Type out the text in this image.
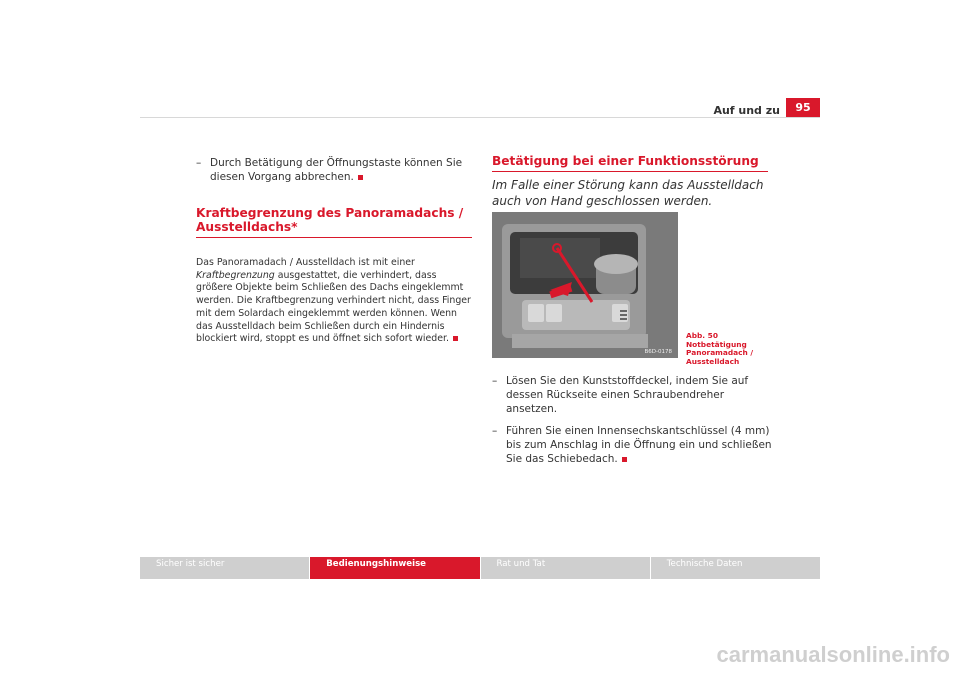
Auf und zu	95
– Durch Betätigung der Öffnungstaste können Sie diesen Vorgang abbrechen.
Kraftbegrenzung des Panoramadachs / Ausstelldachs*
Das Panoramadach / Ausstelldach ist mit einer Kraftbegrenzung ausgestattet, die verhindert, dass größere Objekte beim Schließen des Dachs eingeklemmt werden. Die Kraftbegrenzung verhindert nicht, dass Finger mit dem Solardach eingeklemmt werden können. Wenn das Ausstelldach beim Schließen durch ein Hindernis blockiert wird, stoppt es und öffnet sich sofort wieder.
Betätigung bei einer Funktionsstörung
Im Falle einer Störung kann das Ausstelldach auch von Hand geschlossen werden.
B6D-0178
Abb. 50 Notbetätigung Panoramadach / Ausstelldach
– Lösen Sie den Kunststoffdeckel, indem Sie auf dessen Rückseite einen Schraubendreher ansetzen.
– Führen Sie einen Innensechskantschlüssel (4 mm) bis zum Anschlag in die Öffnung ein und schließen Sie das Schiebedach.
Sicher ist sicher	Bedienungshinweise	Rat und Tat	Technische Daten
carmanualsonline.info
